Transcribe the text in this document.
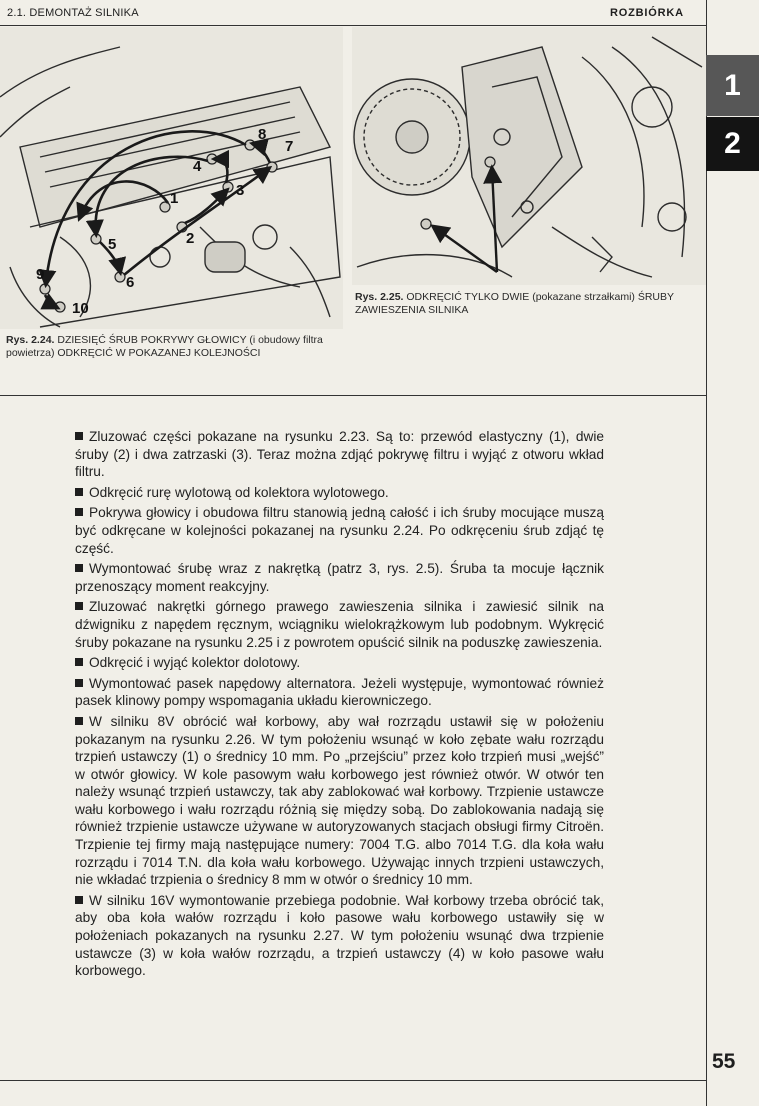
2.1. DEMONTAŻ SILNIKA	ROZBIÓRKA
1
2
1
2
3
4
5
6
7
8
9
10
Rys. 2.25. ODKRĘCIĆ TYLKO DWIE (pokazane strzałkami) ŚRUBY ZAWIESZENIA SILNIKA
Rys. 2.24. DZIESIĘĆ ŚRUB POKRYWY GŁOWICY (i obudowy filtra powietrza) ODKRĘCIĆ W POKAZANEJ KOLEJNOŚCI

Zluzować części pokazane na rysunku 2.23. Są to: przewód elastyczny (1), dwie śruby (2) i dwa zatrzaski (3). Teraz można zdjąć pokrywę filtru i wyjąć z otworu wkład filtru.

Odkręcić rurę wylotową od kolektora wylotowego.

Pokrywa głowicy i obudowa filtru stanowią jedną całość i ich śruby mocujące muszą być odkręcane w kolejności pokazanej na rysunku 2.24. Po odkręceniu śrub zdjąć tę część.

Wymontować śrubę wraz z nakrętką (patrz 3, rys. 2.5). Śruba ta mocuje łącznik przenoszący moment reakcyjny.

Zluzować nakrętki górnego prawego zawieszenia silnika i zawiesić silnik na dźwigniku z napędem ręcznym, wciągniku wielokrążkowym lub podobnym. Wykręcić śruby pokazane na rysunku 2.25 i z powrotem opuścić silnik na poduszkę zawieszenia.

Odkręcić i wyjąć kolektor dolotowy.

Wymontować pasek napędowy alternatora. Jeżeli występuje, wymontować również pasek klinowy pompy wspomagania układu kierowniczego.

W silniku 8V obrócić wał korbowy, aby wał rozrządu ustawił się w położeniu pokazanym na rysunku 2.26. W tym położeniu wsunąć w koło zębate wału rozrządu trzpień ustawczy (1) o średnicy 10 mm. Po „przejściu” przez koło trzpień musi „wejść” w otwór głowicy. W kole pasowym wału korbowego jest również otwór. W otwór ten należy wsunąć trzpień ustawczy, tak aby zablokować wał korbowy. Trzpienie ustawcze wału korbowego i wału rozrządu różnią się między sobą. Do zablokowania nadają się również trzpienie ustawcze używane w autoryzowanych stacjach obsługi firmy Citroën. Trzpienie tej firmy mają następujące numery: 7004 T.G. albo 7014 T.G. dla koła wału rozrządu i 7014 T.N. dla koła wału korbowego. Używając innych trzpieni ustawczych, nie wkładać trzpienia o średnicy 8 mm w otwór o średnicy 10 mm.

W silniku 16V wymontowanie przebiega podobnie. Wał korbowy trzeba obrócić tak, aby oba koła wałów rozrządu i koło pasowe wału korbowego ustawiły się w położeniach pokazanych na rysunku 2.27. W tym położeniu wsunąć dwa trzpienie ustawcze (3) w koła wałów rozrządu, a trzpień ustawczy (4) w koło pasowe wału korbowego.

55
